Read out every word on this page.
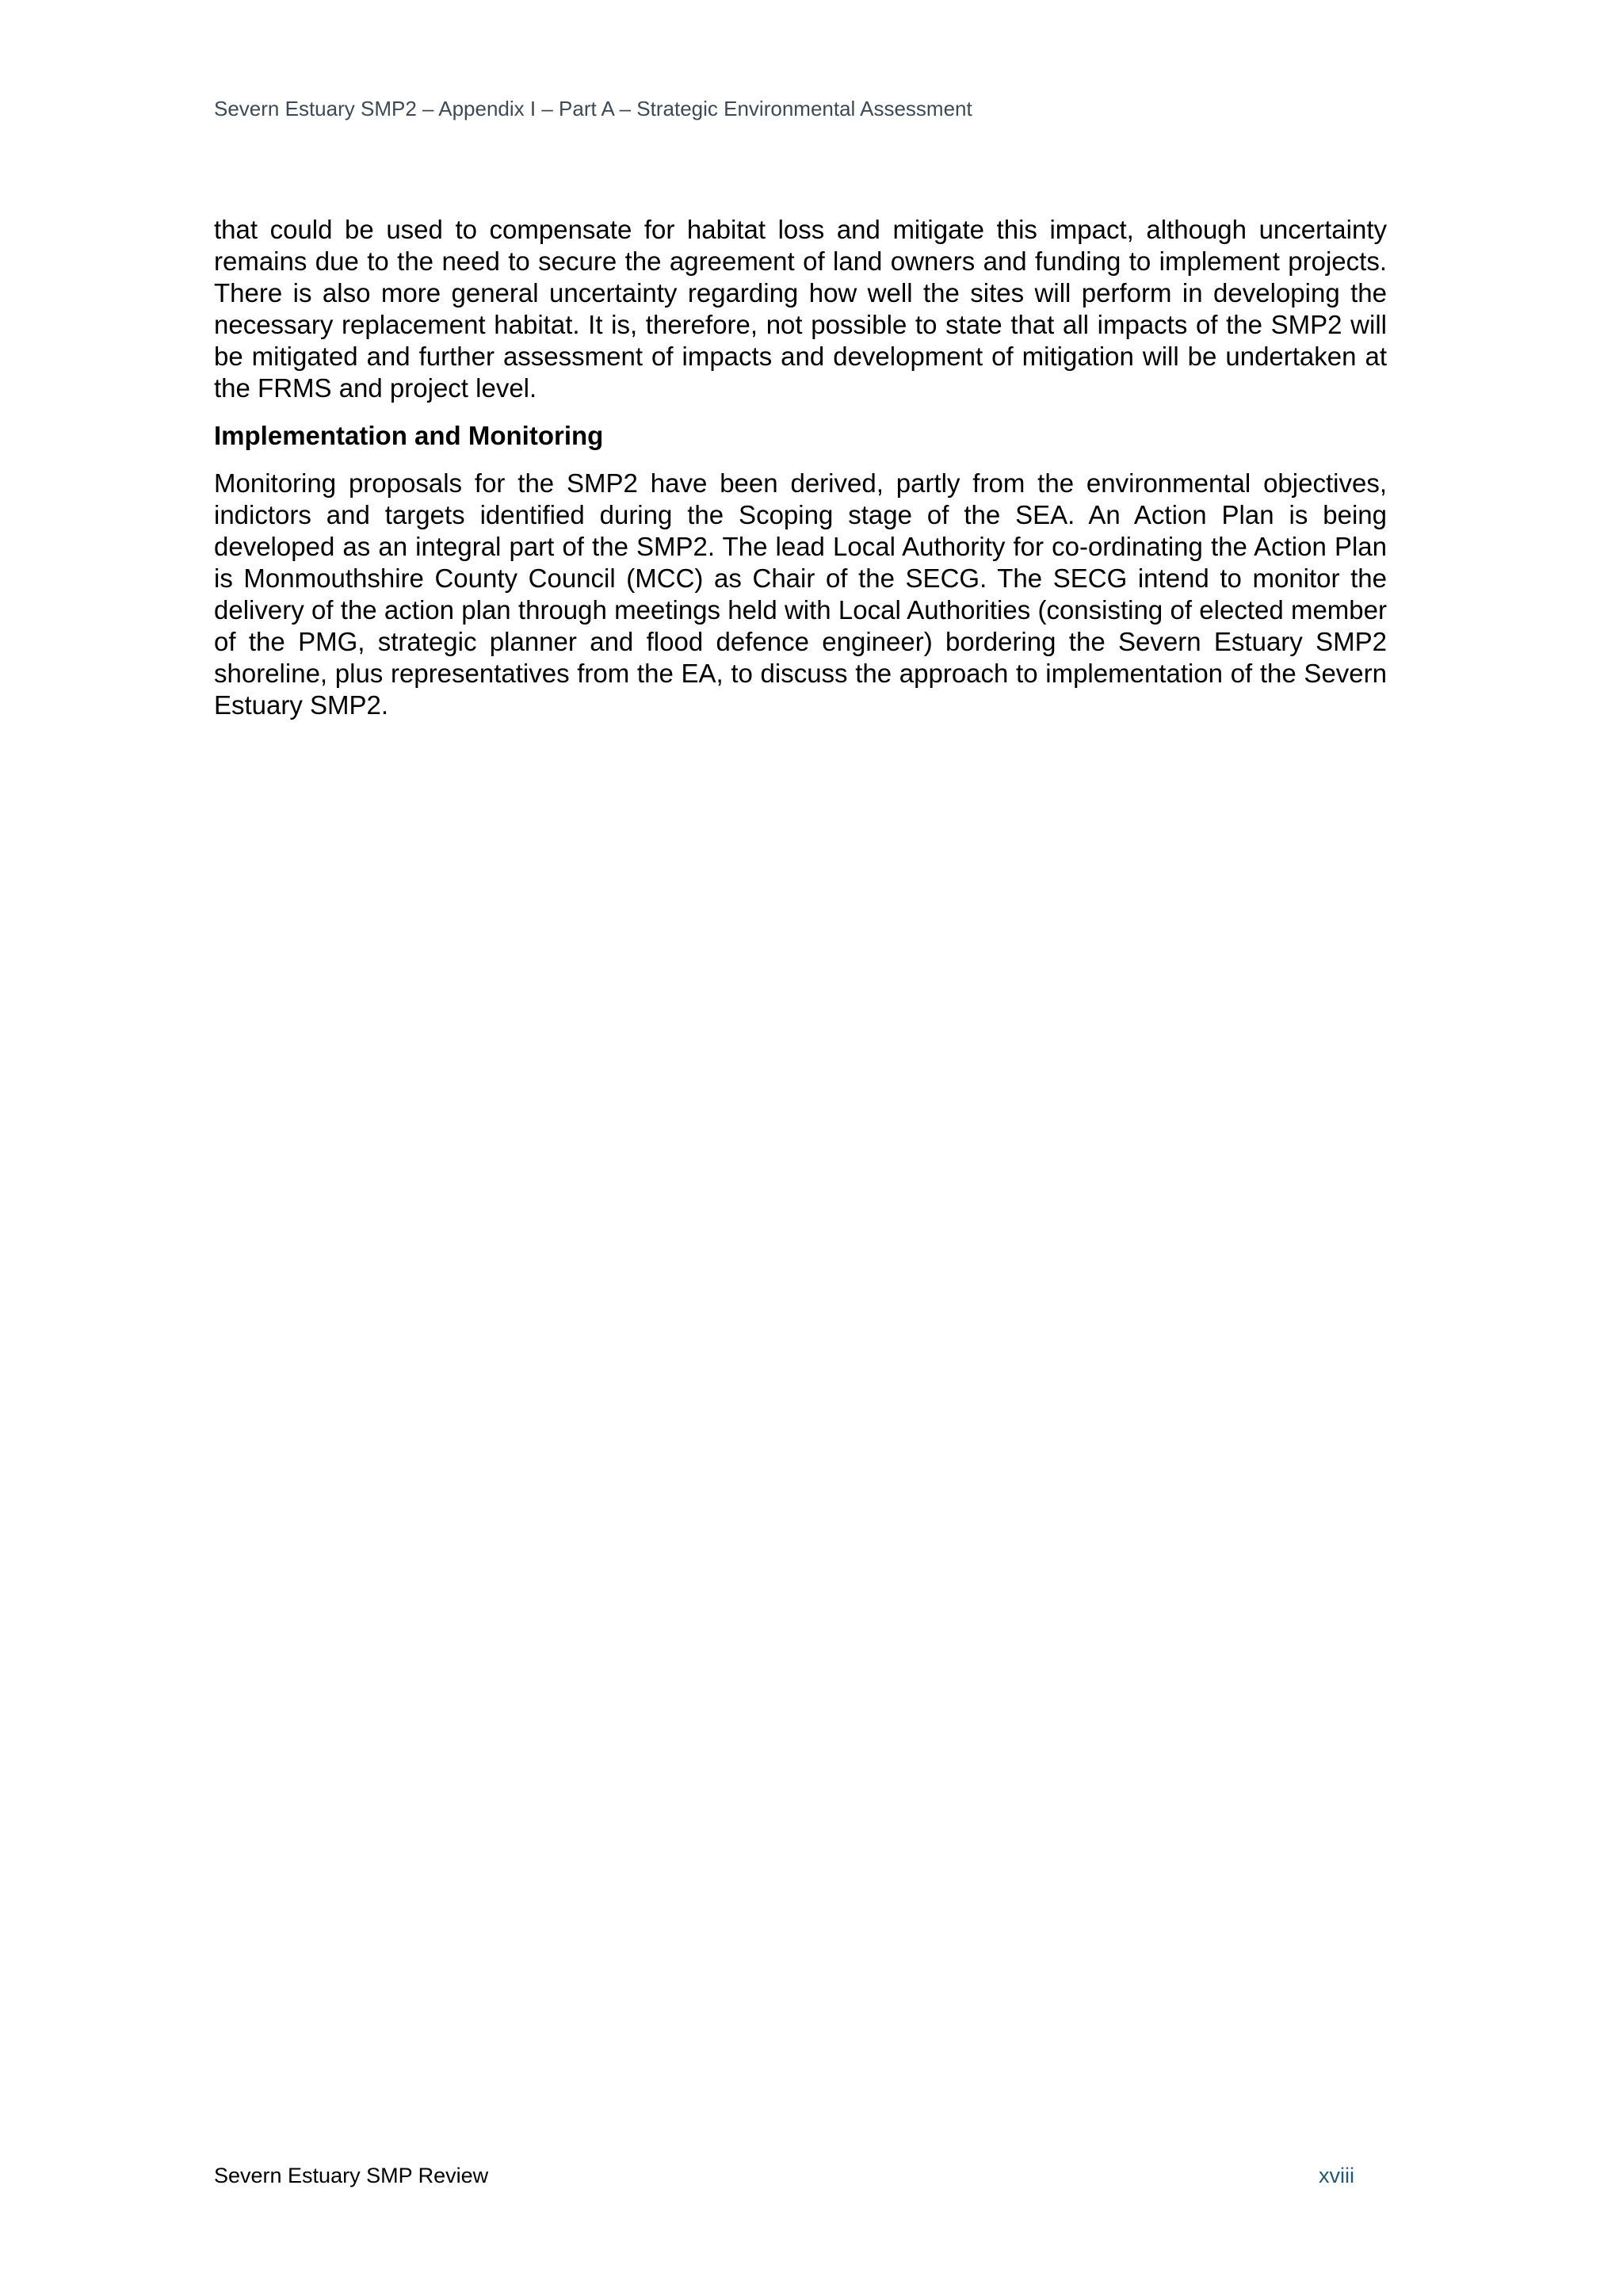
Severn Estuary SMP2 – Appendix I – Part A – Strategic Environmental Assessment

that could be used to compensate for habitat loss and mitigate this impact, although uncertainty remains due to the need to secure the agreement of land owners and funding to implement projects. There is also more general uncertainty regarding how well the sites will perform in developing the necessary replacement habitat. It is, therefore, not possible to state that all impacts of the SMP2 will be mitigated and further assessment of impacts and development of mitigation will be undertaken at the FRMS and project level.

Implementation and Monitoring

Monitoring proposals for the SMP2 have been derived, partly from the environmental objectives, indictors and targets identified during the Scoping stage of the SEA. An Action Plan is being developed as an integral part of the SMP2. The lead Local Authority for co-ordinating the Action Plan is Monmouthshire County Council (MCC) as Chair of the SECG. The SECG intend to monitor the delivery of the action plan through meetings held with Local Authorities (consisting of elected member of the PMG, strategic planner and flood defence engineer) bordering the Severn Estuary SMP2 shoreline, plus representatives from the EA, to discuss the approach to implementation of the Severn Estuary SMP2.

Severn Estuary SMP Review	xviii
